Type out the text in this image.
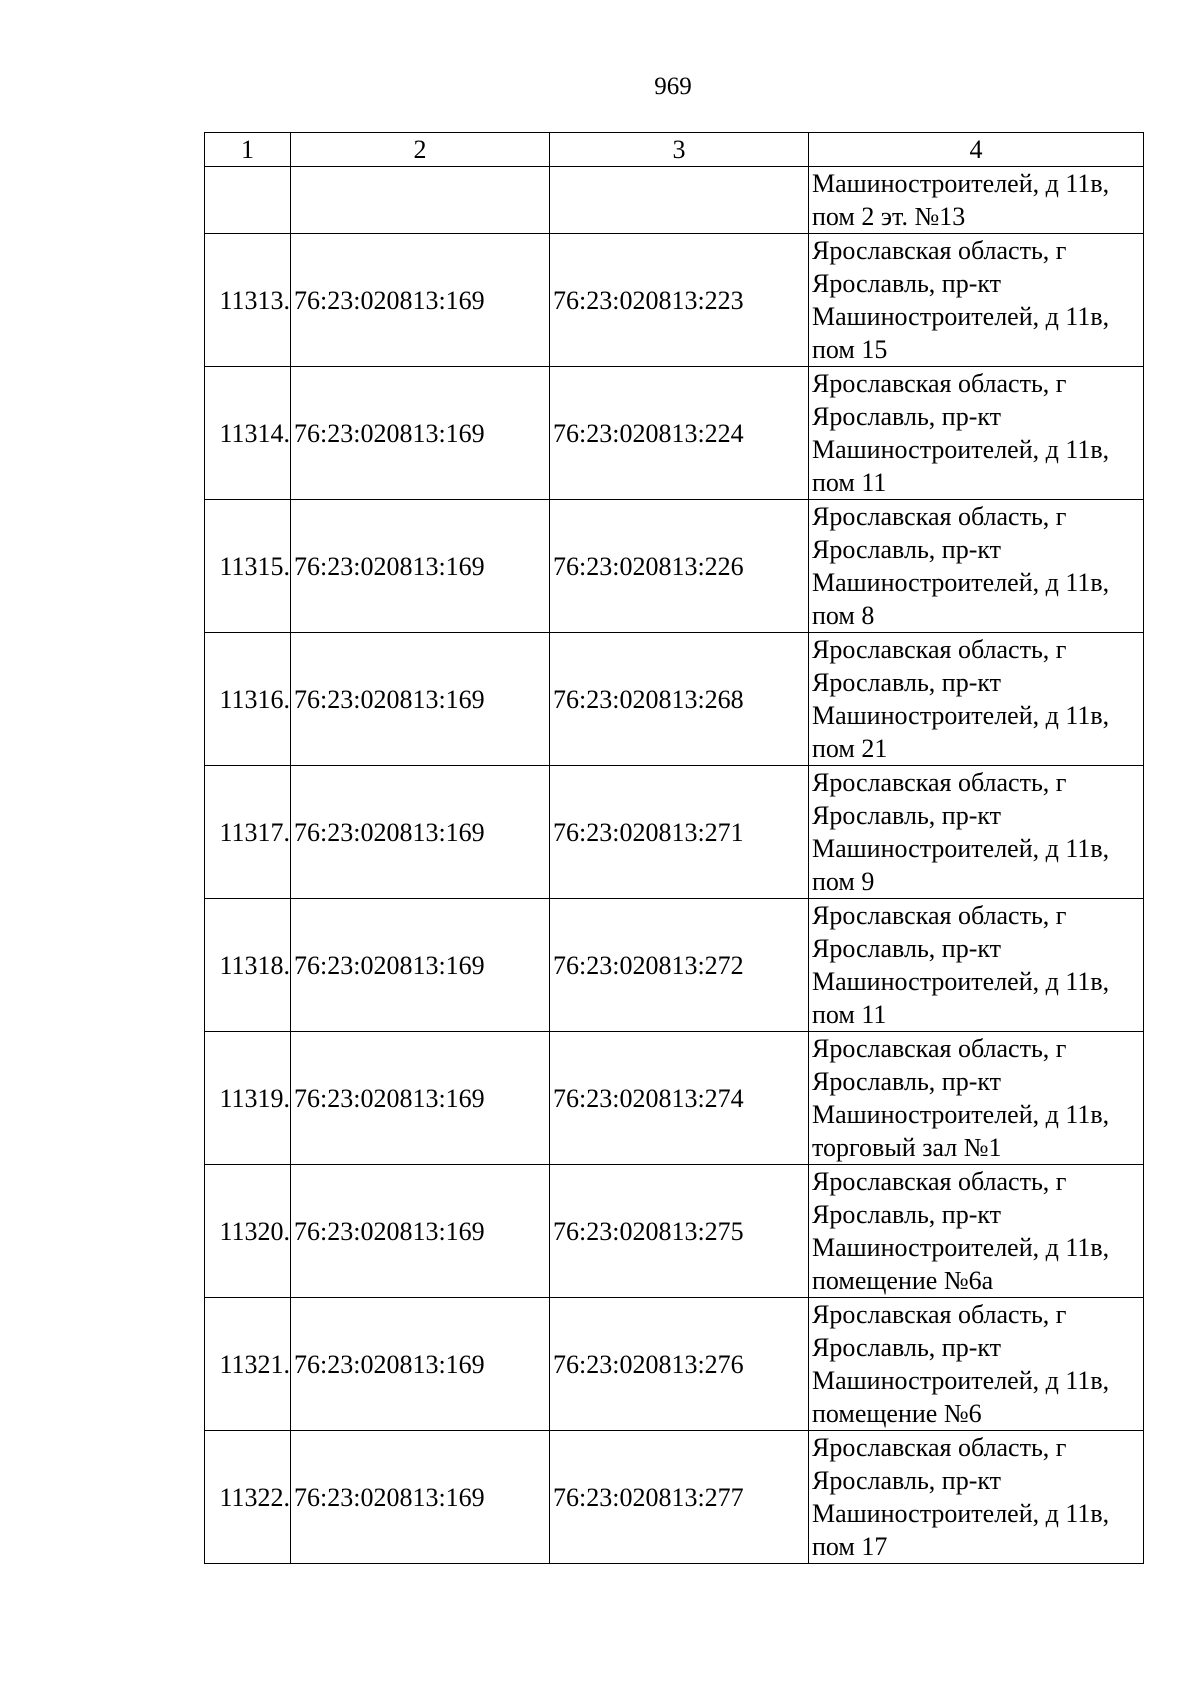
969
1	2	3	4
			Машиностроителей, д 11в, пом 2 эт. №13
11313.	76:23:020813:169	76:23:020813:223	Ярославская область, г Ярославль, пр-кт Машиностроителей, д 11в, пом 15
11314.	76:23:020813:169	76:23:020813:224	Ярославская область, г Ярославль, пр-кт Машиностроителей, д 11в, пом 11
11315.	76:23:020813:169	76:23:020813:226	Ярославская область, г Ярославль, пр-кт Машиностроителей, д 11в, пом 8
11316.	76:23:020813:169	76:23:020813:268	Ярославская область, г Ярославль, пр-кт Машиностроителей, д 11в, пом 21
11317.	76:23:020813:169	76:23:020813:271	Ярославская область, г Ярославль, пр-кт Машиностроителей, д 11в, пом 9
11318.	76:23:020813:169	76:23:020813:272	Ярославская область, г Ярославль, пр-кт Машиностроителей, д 11в, пом 11
11319.	76:23:020813:169	76:23:020813:274	Ярославская область, г Ярославль, пр-кт Машиностроителей, д 11в, торговый зал №1
11320.	76:23:020813:169	76:23:020813:275	Ярославская область, г Ярославль, пр-кт Машиностроителей, д 11в, помещение №6а
11321.	76:23:020813:169	76:23:020813:276	Ярославская область, г Ярославль, пр-кт Машиностроителей, д 11в, помещение №6
11322.	76:23:020813:169	76:23:020813:277	Ярославская область, г Ярославль, пр-кт Машиностроителей, д 11в, пом 17
